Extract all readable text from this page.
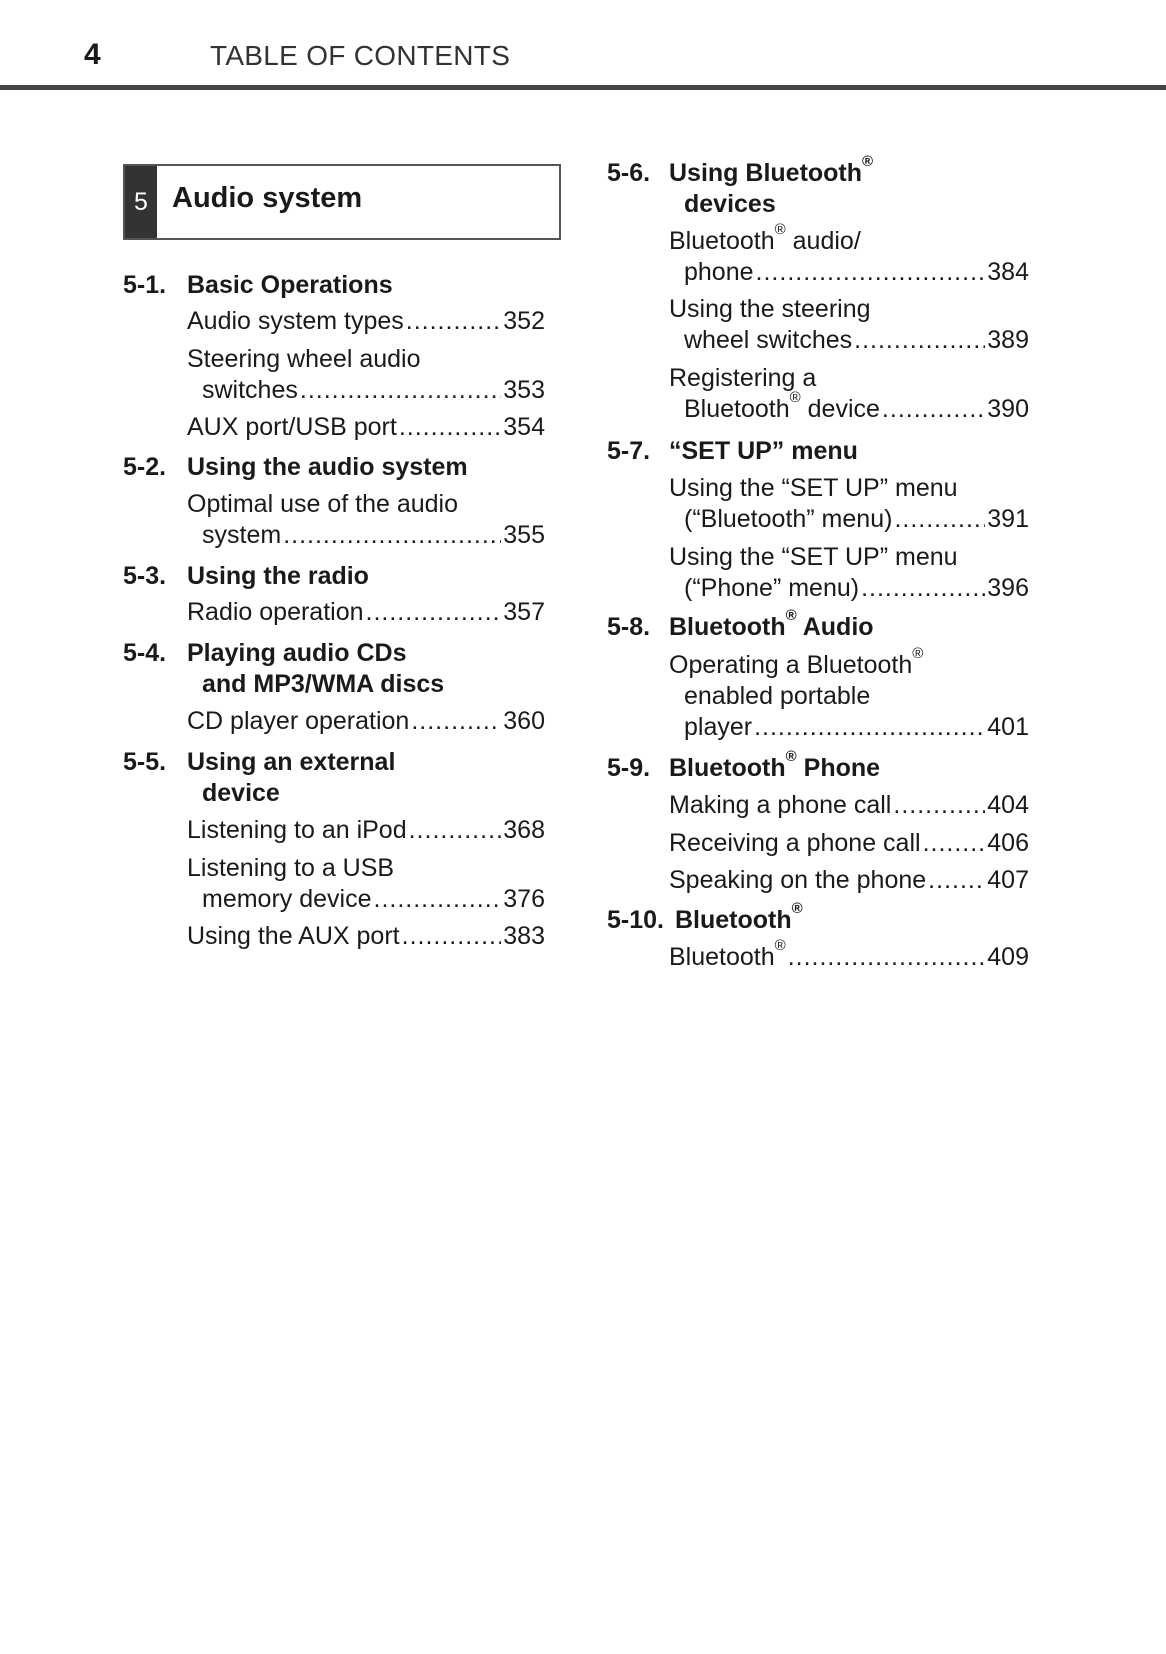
4	TABLE OF CONTENTS
5 Audio system
5-1. Basic Operations
Audio system types .....	352
Steering wheel audio
switches .....	353
AUX port/USB port .....	354
5-2. Using the audio system
Optimal use of the audio
system .....	355
5-3. Using the radio
Radio operation .....	357
5-4. Playing audio CDs
and MP3/WMA discs
CD player operation .....	360
5-5. Using an external
device
Listening to an iPod .....	368
Listening to a USB
memory device .....	376
Using the AUX port .....	383
5-6. Using Bluetooth®
devices
Bluetooth® audio/
phone .....	384
Using the steering
wheel switches .....	389
Registering a
Bluetooth® device .....	390
5-7. “SET UP” menu
Using the “SET UP” menu
(“Bluetooth” menu) .....	391
Using the “SET UP” menu
(“Phone” menu) .....	396
5-8. Bluetooth® Audio
Operating a Bluetooth®
enabled portable
player .....	401
5-9. Bluetooth® Phone
Making a phone call .....	404
Receiving a phone call .....	406
Speaking on the phone ..... 407
5-10. Bluetooth®
Bluetooth® .....	409
